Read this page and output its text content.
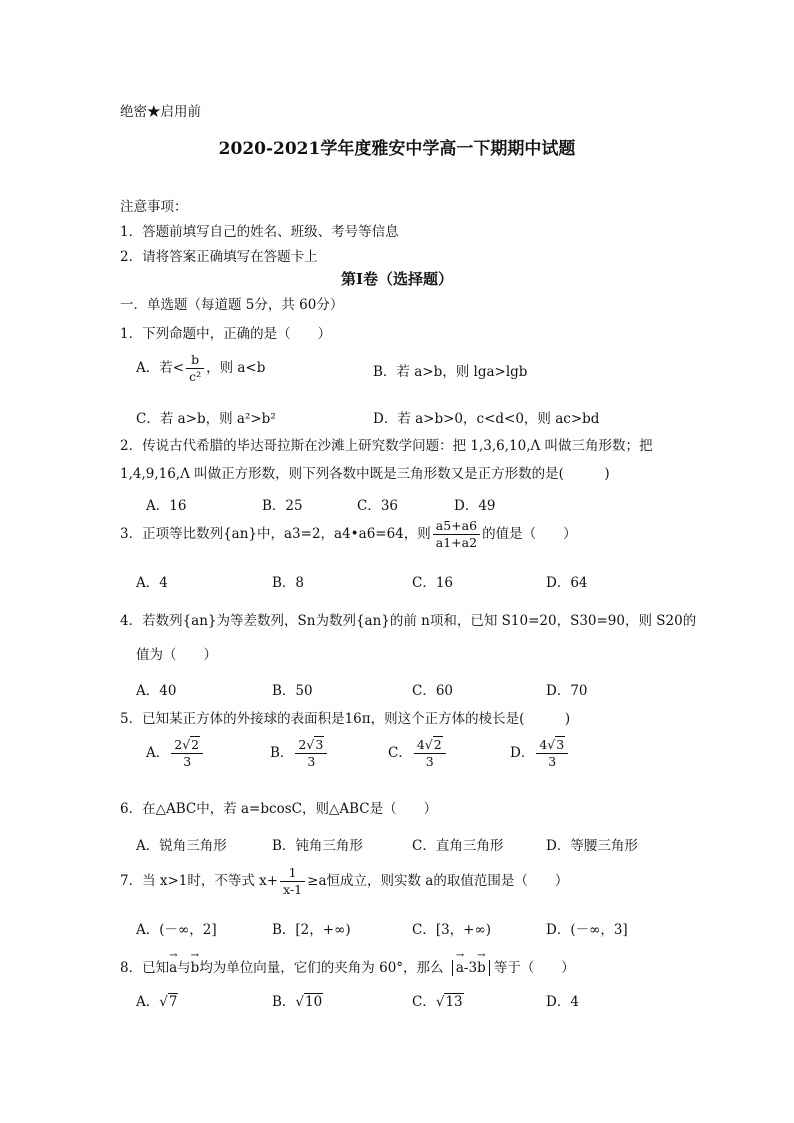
绝密★启用前
2020-2021学年度雅安中学高一下期期中试题
注意事项：
1．答题前填写自己的姓名、班级、考号等信息
2．请将答案正确填写在答题卡上
第I卷（选择题）
一．单选题（每道题 5分，共 60分）
1．下列命题中，正确的是（　　）
A．若< $\frac{b}{\text{c²}}$ ，则 a<b	B．若 a>b，则 lga>lgb
C．若 a>b，则 a²>b²	D．若 a>b>0，c<d<0，则 ac>bd
2．传说古代希腊的毕达哥拉斯在沙滩上研究数学问题：把 1,3,6,10,Λ 叫做三角形数；把
1,4,9,16,Λ 叫做正方形数，则下列各数中既是三角形数又是正方形数的是(　　　)
A．16	B．25	C．36	D．49
3．正项等比数列{an}中，a3=2，a4•a6=64，则 $\frac{a5+a6}{a1+a2}$ 的值是（　　）
A．4	B．8	C．16	D．64
4．若数列{an}为等差数列，Sn为数列{an}的前 n项和，已知 S10=20，S30=90，则 S20的
值为（　　）
A．40	B．50	C．60	D．70
5．已知某正方体的外接球的表面积是16π，则这个正方体的棱长是(　　　)
A． $\frac{2√2}{3}$	B． $\frac{2√3}{3}$	C． $\frac{4√2}{3}$	D． $\frac{4√3}{3}$
6．在△ABC中，若 a=bcosC，则△ABC是（　　）
A．锐角三角形	B．钝角三角形	C．直角三角形	D．等腰三角形
7．当 x>1时，不等式 $x+ \frac{1}{x-1} \ge a$恒成立，则实数 a的取值范围是（　　）
A．(－∞，2]	B．[2，+∞)	C．[3，+∞)	D．(－∞，3]
8．已知→ a与→ b均为单位向量，它们的夹角为 60°，那么 → a-3→ b 等于（　　）
A．√7	B．√10	C．√13	D．4
